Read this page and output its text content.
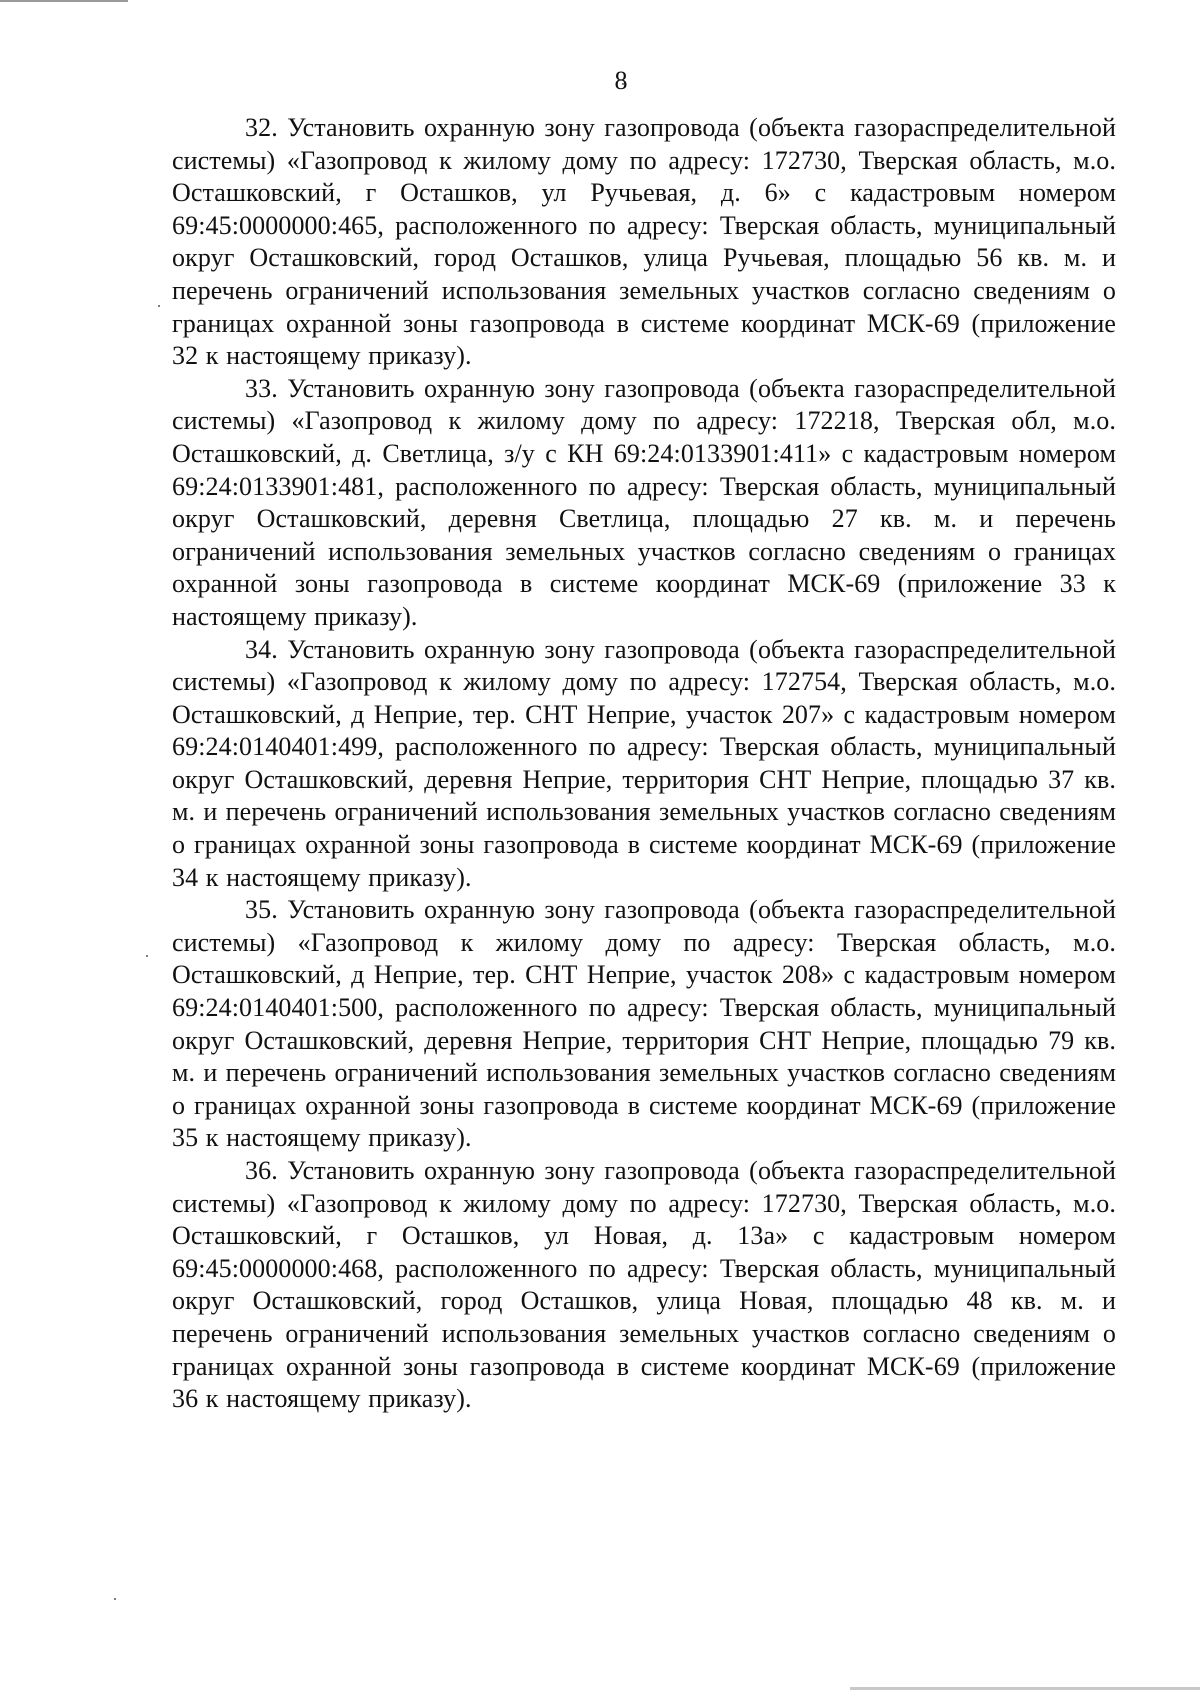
8

32. Установить охранную зону газопровода (объекта газораспределительной системы) «Газопровод к жилому дому по адресу: 172730, Тверская область, м.о. Осташковский, г Осташков, ул Ручьевая, д. 6» с кадастровым номером 69:45:0000000:465, расположенного по адресу: Тверская область, муниципальный округ Осташковский, город Осташков, улица Ручьевая, площадью 56 кв. м. и перечень ограничений использования земельных участков согласно сведениям о границах охранной зоны газопровода в системе координат МСК-69 (приложение 32 к настоящему приказу).

33. Установить охранную зону газопровода (объекта газораспределительной системы) «Газопровод к жилому дому по адресу: 172218, Тверская обл, м.о. Осташковский, д. Светлица, з/у с КН 69:24:0133901:411» с кадастровым номером 69:24:0133901:481, расположенного по адресу: Тверская область, муниципальный округ Осташковский, деревня Светлица, площадью 27 кв. м. и перечень ограничений использования земельных участков согласно сведениям о границах охранной зоны газопровода в системе координат МСК-69 (приложение 33 к настоящему приказу).

34. Установить охранную зону газопровода (объекта газораспределительной системы) «Газопровод к жилому дому по адресу: 172754, Тверская область, м.о. Осташковский, д Неприе, тер. СНТ Неприе, участок 207» с кадастровым номером 69:24:0140401:499, расположенного по адресу: Тверская область, муниципальный округ Осташковский, деревня Неприе, территория СНТ Неприе, площадью 37 кв. м. и перечень ограничений использования земельных участков согласно сведениям о границах охранной зоны газопровода в системе координат МСК-69 (приложение 34 к настоящему приказу).

35. Установить охранную зону газопровода (объекта газораспределительной системы) «Газопровод к жилому дому по адресу: Тверская область, м.о. Осташковский, д Неприе, тер. СНТ Неприе, участок 208» с кадастровым номером 69:24:0140401:500, расположенного по адресу: Тверская область, муниципальный округ Осташковский, деревня Неприе, территория СНТ Неприе, площадью 79 кв. м. и перечень ограничений использования земельных участков согласно сведениям о границах охранной зоны газопровода в системе координат МСК-69 (приложение 35 к настоящему приказу).

36. Установить охранную зону газопровода (объекта газораспределительной системы) «Газопровод к жилому дому по адресу: 172730, Тверская область, м.о. Осташковский, г Осташков, ул Новая, д. 13а» с кадастровым номером 69:45:0000000:468, расположенного по адресу: Тверская область, муниципальный округ Осташковский, город Осташков, улица Новая, площадью 48 кв. м. и перечень ограничений использования земельных участков согласно сведениям о границах охранной зоны газопровода в системе координат МСК-69 (приложение 36 к настоящему приказу).
